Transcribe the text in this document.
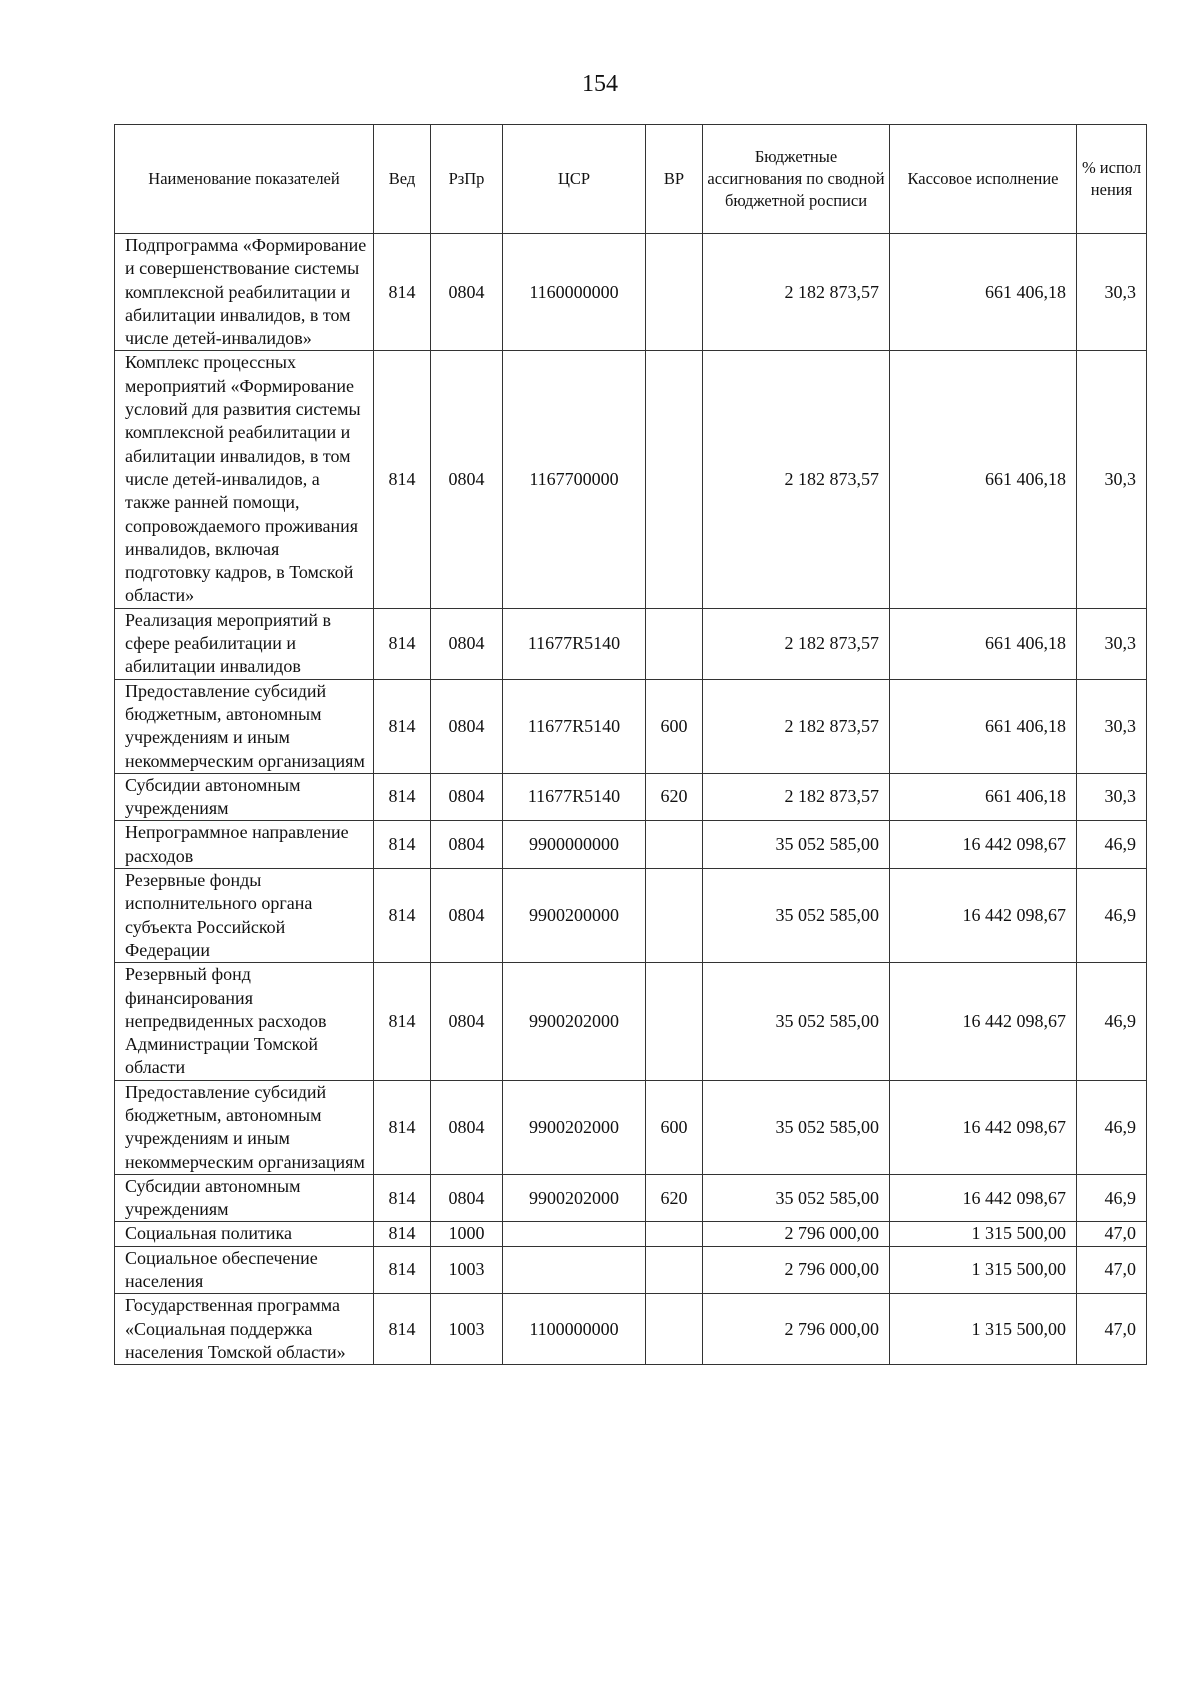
154
Наименование показателей	Вед	РзПр	ЦСР	ВР	Бюджетные ассигнования по сводной бюджетной росписи	Кассовое исполнение	% испол нения
Подпрограмма «Формирование и совершенствование системы комплексной реабилитации и абилитации инвалидов, в том числе детей-инвалидов»	814	0804	1160000000		2 182 873,57	661 406,18	30,3
Комплекс процессных мероприятий «Формирование условий для развития системы комплексной реабилитации и абилитации инвалидов, в том числе детей-инвалидов, а также ранней помощи, сопровождаемого проживания инвалидов, включая подготовку кадров, в Томской области»	814	0804	1167700000		2 182 873,57	661 406,18	30,3
Реализация мероприятий в сфере реабилитации и абилитации инвалидов	814	0804	11677R5140		2 182 873,57	661 406,18	30,3
Предоставление субсидий бюджетным, автономным учреждениям и иным некоммерческим организациям	814	0804	11677R5140	600	2 182 873,57	661 406,18	30,3
Субсидии автономным учреждениям	814	0804	11677R5140	620	2 182 873,57	661 406,18	30,3
Непрограммное направление расходов	814	0804	9900000000		35 052 585,00	16 442 098,67	46,9
Резервные фонды исполнительного органа субъекта Российской Федерации	814	0804	9900200000		35 052 585,00	16 442 098,67	46,9
Резервный фонд финансирования непредвиденных расходов Администрации Томской области	814	0804	9900202000		35 052 585,00	16 442 098,67	46,9
Предоставление субсидий бюджетным, автономным учреждениям и иным некоммерческим организациям	814	0804	9900202000	600	35 052 585,00	16 442 098,67	46,9
Субсидии автономным учреждениям	814	0804	9900202000	620	35 052 585,00	16 442 098,67	46,9
Социальная политика	814	1000			2 796 000,00	1 315 500,00	47,0
Социальное обеспечение населения	814	1003			2 796 000,00	1 315 500,00	47,0
Государственная программа «Социальная поддержка населения Томской области»	814	1003	1100000000		2 796 000,00	1 315 500,00	47,0
